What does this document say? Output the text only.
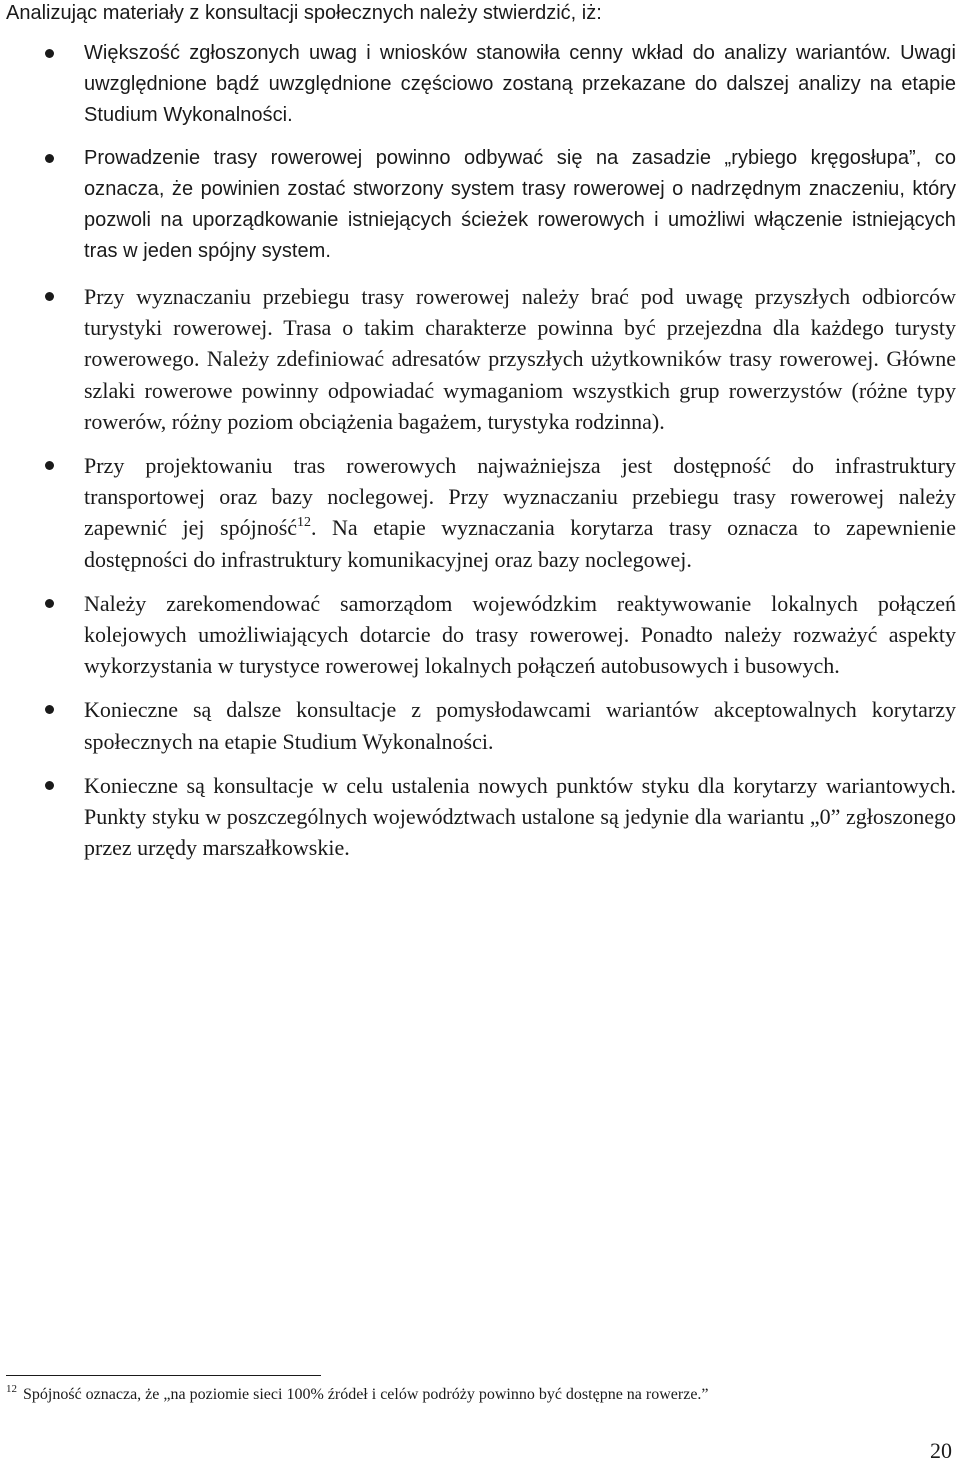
Analizując materiały z konsultacji społecznych należy stwierdzić, iż:
Większość zgłoszonych uwag i wniosków stanowiła cenny wkład do analizy wariantów. Uwagi uwzględnione bądź uwzględnione częściowo zostaną przekazane do dalszej analizy na etapie Studium Wykonalności.
Prowadzenie trasy rowerowej powinno odbywać się na zasadzie „rybiego kręgosłupa”, co oznacza, że powinien zostać stworzony system trasy rowerowej o nadrzędnym znaczeniu, który pozwoli na uporządkowanie istniejących ścieżek rowerowych i umożliwi włączenie istniejących tras w jeden spójny system.
Przy wyznaczaniu przebiegu trasy rowerowej należy brać pod uwagę przyszłych odbiorców turystyki rowerowej. Trasa o takim charakterze powinna być przejezdna dla każdego turysty rowerowego. Należy zdefiniować adresatów przyszłych użytkowników trasy rowerowej. Główne szlaki rowerowe powinny odpowiadać wymaganiom wszystkich grup rowerzystów (różne typy rowerów, różny poziom obciążenia bagażem, turystyka rodzinna).
Przy projektowaniu tras rowerowych najważniejsza jest dostępność do infrastruktury transportowej oraz bazy noclegowej. Przy wyznaczaniu przebiegu trasy rowerowej należy zapewnić jej spójność$^{12}$. Na etapie wyznaczania korytarza trasy oznacza to zapewnienie dostępności do infrastruktury komunikacyjnej oraz bazy noclegowej.
Należy zarekomendować samorządom wojewódzkim reaktywowanie lokalnych połączeń kolejowych umożliwiających dotarcie do trasy rowerowej. Ponadto należy rozważyć aspekty wykorzystania w turystyce rowerowej lokalnych połączeń autobusowych i busowych.
Konieczne są dalsze konsultacje z pomysłodawcami wariantów akceptowalnych korytarzy społecznych na etapie Studium Wykonalności.
Konieczne są konsultacje w celu ustalenia nowych punktów styku dla korytarzy wariantowych. Punkty styku w poszczególnych województwach ustalone są jedynie dla wariantu „0” zgłoszonego przez urzędy marszałkowskie.
$^{12}$ Spójność oznacza, że „na poziomie sieci 100% źródeł i celów podróży powinno być dostępne na rowerze.”
20
